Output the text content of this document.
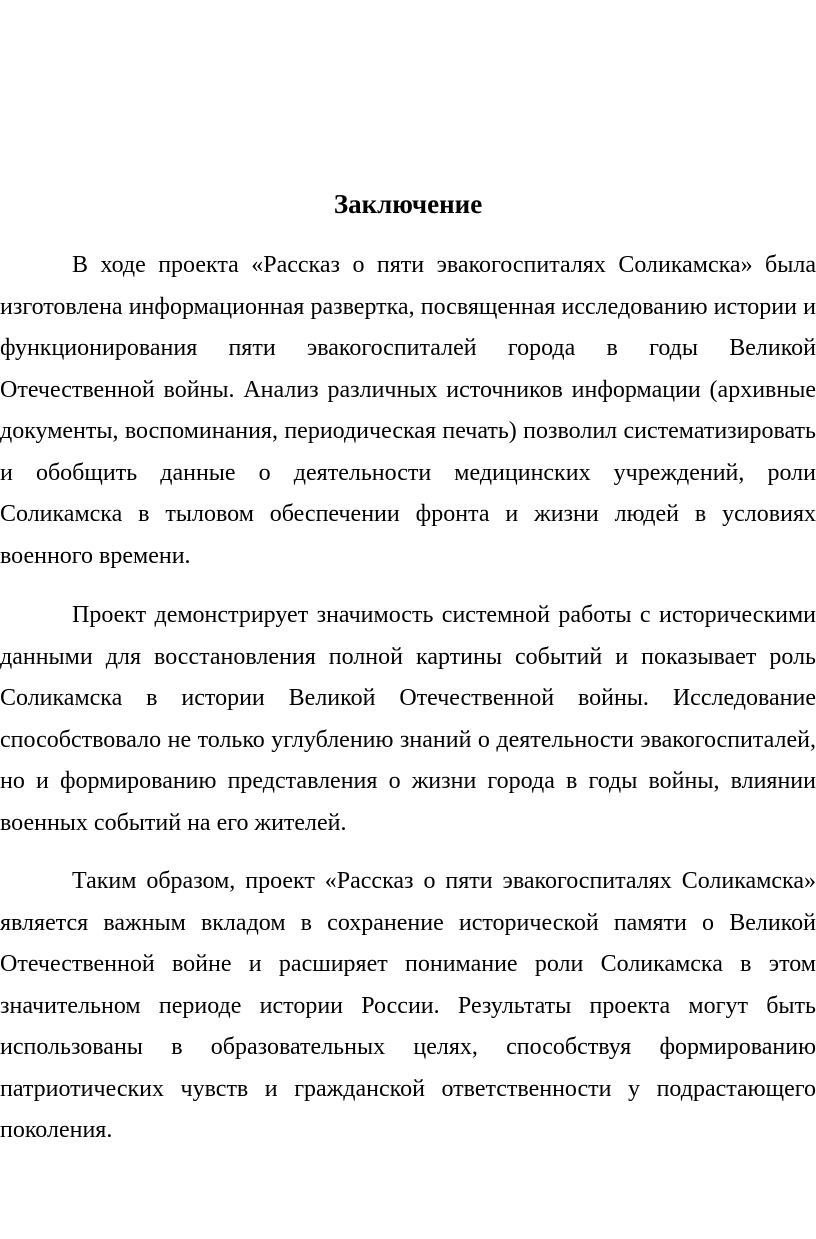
Заключение

В ходе проекта «Рассказ о пяти эвакогоспиталях Соликамска» была изготовлена информационная развертка, посвященная исследованию истории и функционирования пяти эвакогоспиталей города в годы Великой Отечественной войны. Анализ различных источников информации (архивные документы, воспоминания, периодическая печать) позволил систематизировать и обобщить данные о деятельности медицинских учреждений, роли Соликамска в тыловом обеспечении фронта и жизни людей в условиях военного времени.

Проект демонстрирует значимость системной работы с историческими данными для восстановления полной картины событий и показывает роль Соликамска в истории Великой Отечественной войны. Исследование способствовало не только углублению знаний о деятельности эвакогоспиталей, но и формированию представления о жизни города в годы войны, влиянии военных событий на его жителей.

Таким образом, проект «Рассказ о пяти эвакогоспиталях Соликамска» является важным вкладом в сохранение исторической памяти о Великой Отечественной войне и расширяет понимание роли Соликамска в этом значительном периоде истории России. Результаты проекта могут быть использованы в образовательных целях, способствуя формированию патриотических чувств и гражданской ответственности у подрастающего поколения.
